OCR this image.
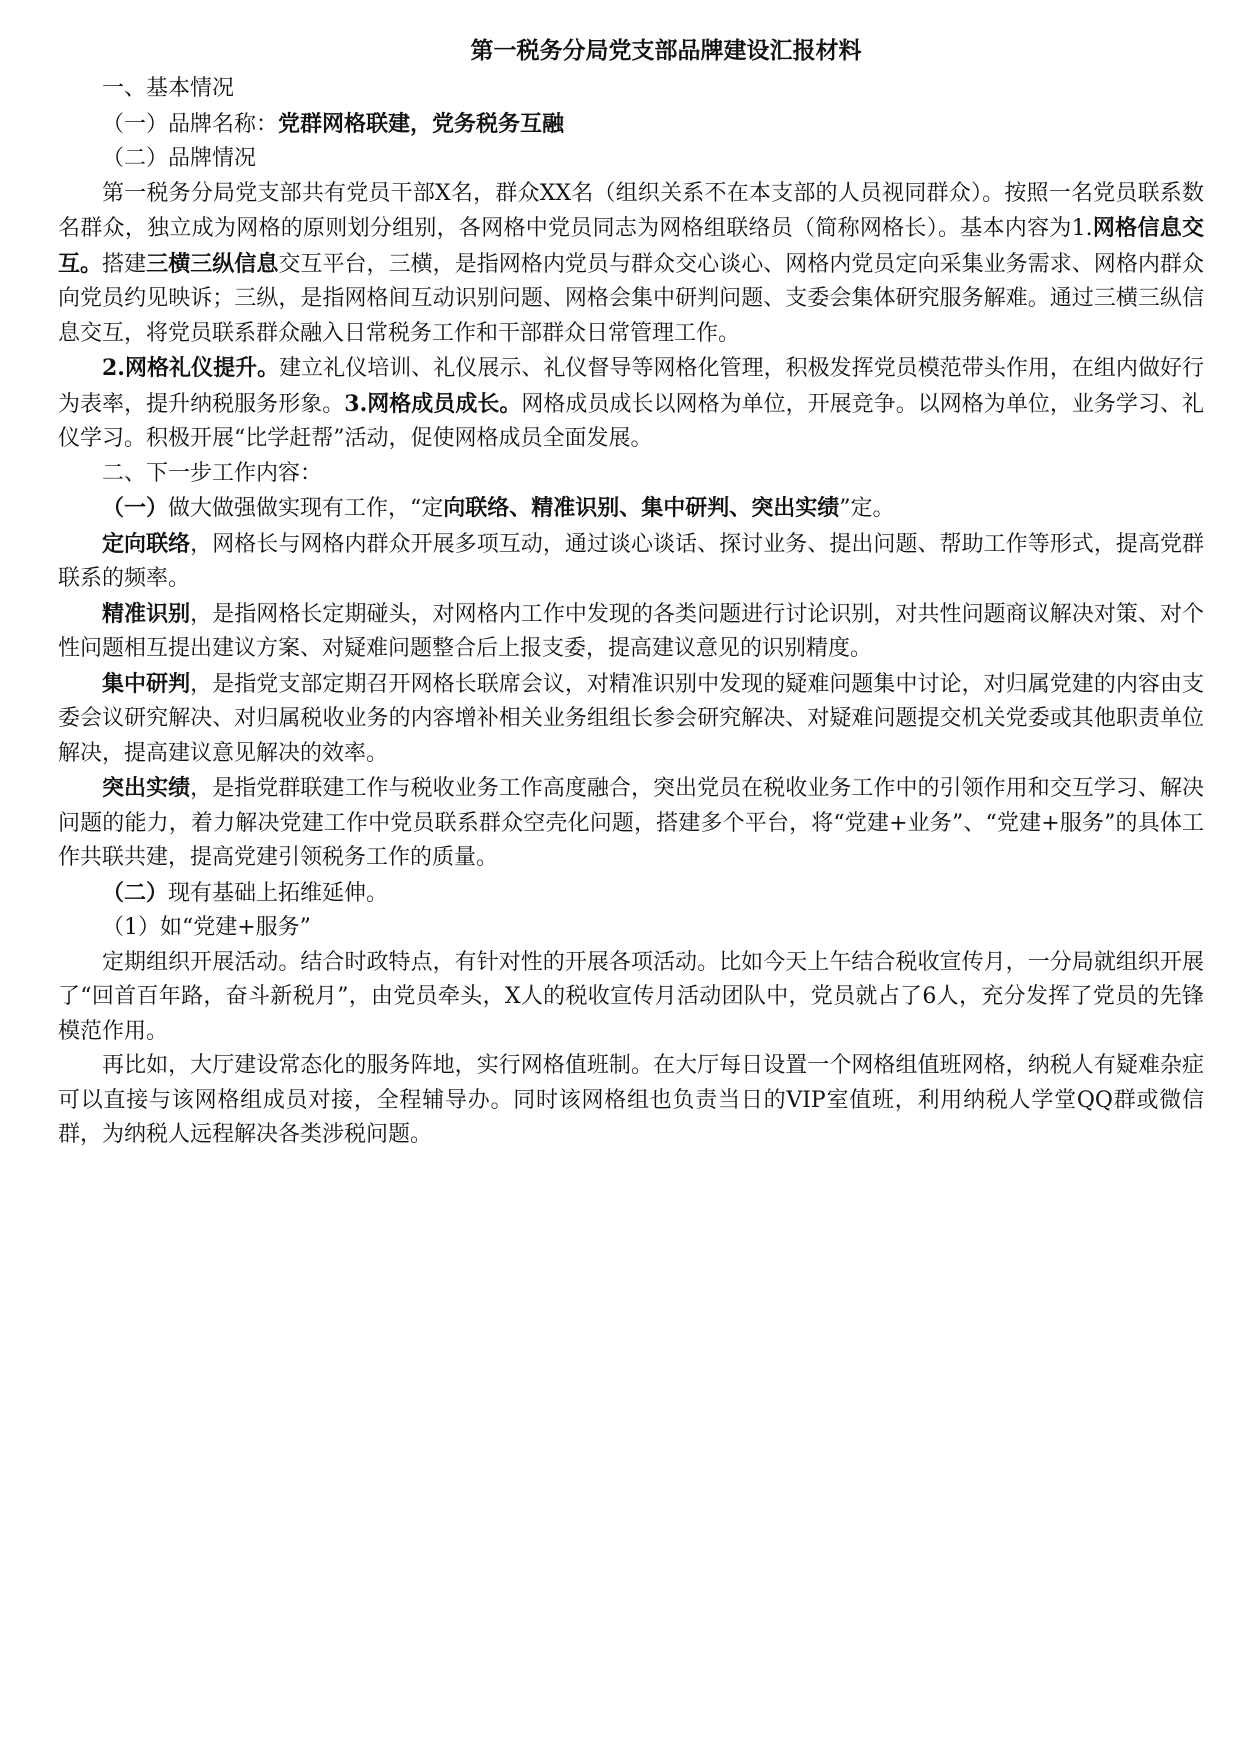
第一税务分局党支部品牌建设汇报材料

一、基本情况

（一）品牌名称：党群网格联建，党务税务互融

（二）品牌情况

第一税务分局党支部共有党员干部X名，群众XX名（组织关系不在本支部的人员视同群众）。按照一名党员联系数名群众，独立成为网格的原则划分组别，各网格中党员同志为网格组联络员（简称网格长）。基本内容为1.网格信息交互。搭建三横三纵信息交互平台，三横，是指网格内党员与群众交心谈心、网格内党员定向采集业务需求、网格内群众向党员约见映诉；三纵，是指网格间互动识别问题、网格会集中研判问题、支委会集体研究服务解难。通过三横三纵信息交互，将党员联系群众融入日常税务工作和干部群众日常管理工作。

2.网格礼仪提升。建立礼仪培训、礼仪展示、礼仪督导等网格化管理，积极发挥党员模范带头作用，在组内做好行为表率，提升纳税服务形象。3.网格成员成长。网格成员成长以网格为单位，开展竞争。以网格为单位，业务学习、礼仪学习。积极开展“比学赶帮”活动，促使网格成员全面发展。

二、下一步工作内容：

（一）做大做强做实现有工作，“定向联络、精准识别、集中研判、突出实绩”定。

定向联络，网格长与网格内群众开展多项互动，通过谈心谈话、探讨业务、提出问题、帮助工作等形式，提高党群联系的频率。

精准识别，是指网格长定期碰头，对网格内工作中发现的各类问题进行讨论识别，对共性问题商议解决对策、对个性问题相互提出建议方案、对疑难问题整合后上报支委，提高建议意见的识别精度。

集中研判，是指党支部定期召开网格长联席会议，对精准识别中发现的疑难问题集中讨论，对归属党建的内容由支委会议研究解决、对归属税收业务的内容增补相关业务组组长参会研究解决、对疑难问题提交机关党委或其他职责单位解决，提高建议意见解决的效率。

突出实绩，是指党群联建工作与税收业务工作高度融合，突出党员在税收业务工作中的引领作用和交互学习、解决问题的能力，着力解决党建工作中党员联系群众空壳化问题，搭建多个平台，将“党建+业务”、“党建+服务”的具体工作共联共建，提高党建引领税务工作的质量。

（二）现有基础上拓维延伸。

（1）如“党建+服务”

定期组织开展活动。结合时政特点，有针对性的开展各项活动。比如今天上午结合税收宣传月，一分局就组织开展了“回首百年路，奋斗新税月”，由党员牵头，X人的税收宣传月活动团队中，党员就占了6人，充分发挥了党员的先锋模范作用。

再比如，大厅建设常态化的服务阵地，实行网格值班制。在大厅每日设置一个网格组值班网格，纳税人有疑难杂症可以直接与该网格组成员对接，全程辅导办。同时该网格组也负责当日的VIP室值班，利用纳税人学堂QQ群或微信群，为纳税人远程解决各类涉税问题。
